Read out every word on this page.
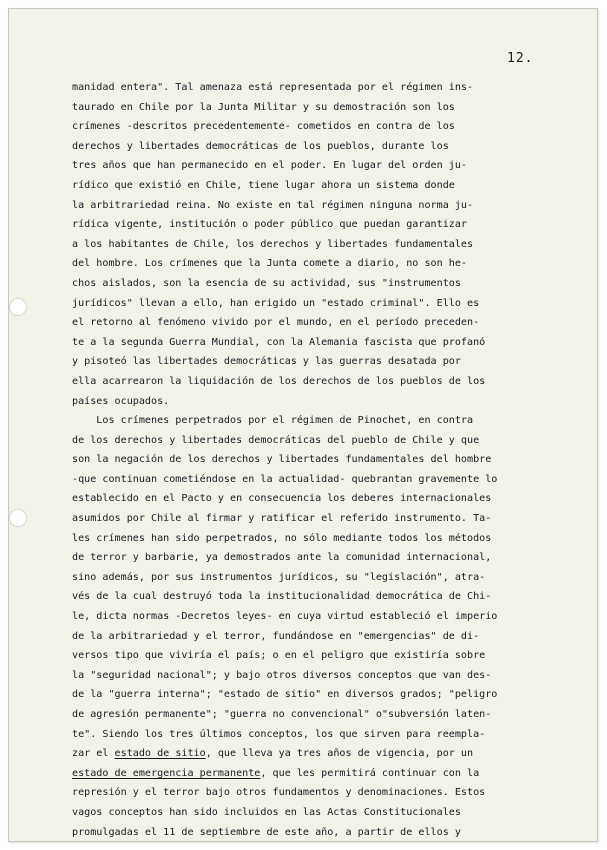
12.
manidad entera". Tal amenaza está representada por el régimen ins-
taurado en Chile por la Junta Militar y su demostración son los
crímenes -descritos precedentemente- cometidos en contra de los
derechos y libertades democráticas de los pueblos, durante los
tres años que han permanecido en el poder. En lugar del orden ju-
rídico que existió en Chile, tiene lugar ahora un sistema donde
la arbitrariedad reina. No existe en tal régimen ninguna norma ju-
rídica vigente, institución o poder público que puedan garantizar
a los habitantes de Chile, los derechos y libertades fundamentales
del hombre. Los crímenes que la Junta comete a diario, no son he-
chos aislados, son la esencia de su actividad, sus "instrumentos
jurídicos" llevan a ello, han erigido un "estado criminal". Ello es
el retorno al fenómeno vivido por el mundo, en el período preceden-
te a la segunda Guerra Mundial, con la Alemania fascista que profanó
y pisoteó las libertades democráticas y las guerras desatada por
ella acarrearon la liquidación de los derechos de los pueblos de los
países ocupados.
Los crímenes perpetrados por el régimen de Pinochet, en contra
de los derechos y libertades democráticas del pueblo de Chile y que
son la negación de los derechos y libertades fundamentales del hombre
-que continuan cometiéndose en la actualidad- quebrantan gravemente lo
establecido en el Pacto y en consecuencia los deberes internacionales
asumidos por Chile al firmar y ratificar el referido instrumento. Ta-
les crímenes han sido perpetrados, no sólo mediante todos los métodos
de terror y barbarie, ya demostrados ante la comunidad internacional,
sino además, por sus instrumentos jurídicos, su "legislación", atra-
vés de la cual destruyó toda la institucionalidad democrática de Chi-
le, dicta normas -Decretos leyes- en cuya virtud estableció el imperio
de la arbitrariedad y el terror, fundándose en "emergencias" de di-
versos tipo que viviría el país; o en el peligro que existiría sobre
la "seguridad nacional"; y bajo otros diversos conceptos que van des-
de la "guerra interna"; "estado de sitio" en diversos grados; "peligro
de agresión permanente"; "guerra no convencional" o"subversión laten-
te". Siendo los tres últimos conceptos, los que sirven para reempla-
zar el estado de sitio, que lleva ya tres años de vigencia, por un
estado de emergencia permanente, que les permitirá continuar con la
represión y el terror bajo otros fundamentos y denominaciones. Estos
vagos conceptos han sido incluidos en las Actas Constitucionales
promulgadas el 11 de septiembre de este año, a partir de ellos y
